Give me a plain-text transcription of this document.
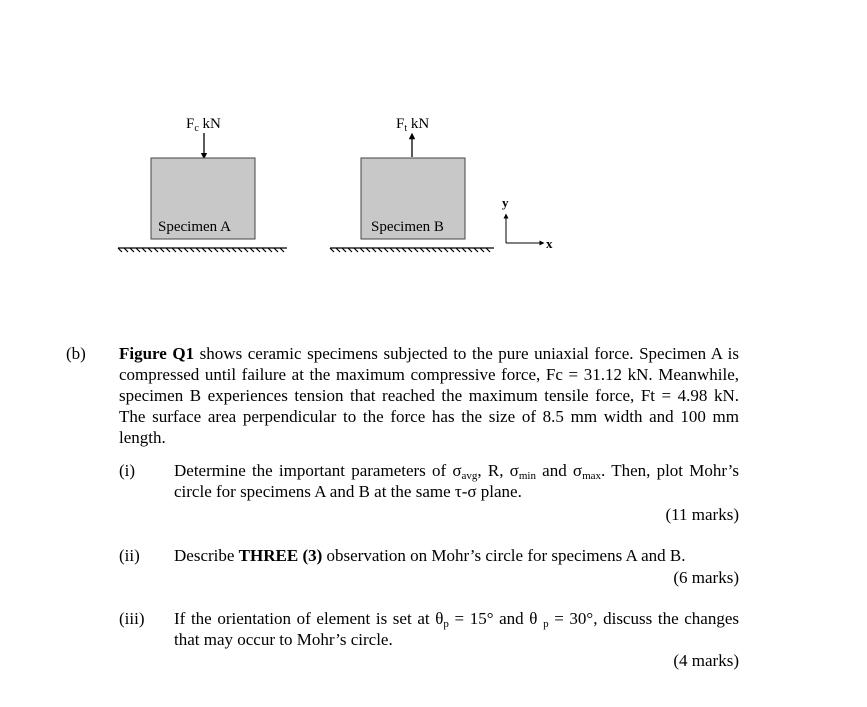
$F_c$ kN
Specimen A
$F_t$ kN
Specimen B
y
x
(b) Figure Q1 shows ceramic specimens subjected to the pure uniaxial force. Specimen A is compressed until failure at the maximum compressive force, Fc = 31.12 kN. Meanwhile, specimen B experiences tension that reached the maximum tensile force, Ft = 4.98 kN. The surface area perpendicular to the force has the size of 8.5 mm width and 100 mm length.
(i) Determine the important parameters of $\sigma_{avg}$, R, $\sigma_{min}$ and $\sigma_{max}$. Then, plot Mohr’s circle for specimens A and B at the same τ-σ plane.
(11 marks)
(ii) Describe THREE (3) observation on Mohr’s circle for specimens A and B.
(6 marks)
(iii) If the orientation of element is set at $\theta_p = 15^\circ$ and θ $_p$ = 30°, discuss the changes that may occur to Mohr’s circle.
(4 marks)
